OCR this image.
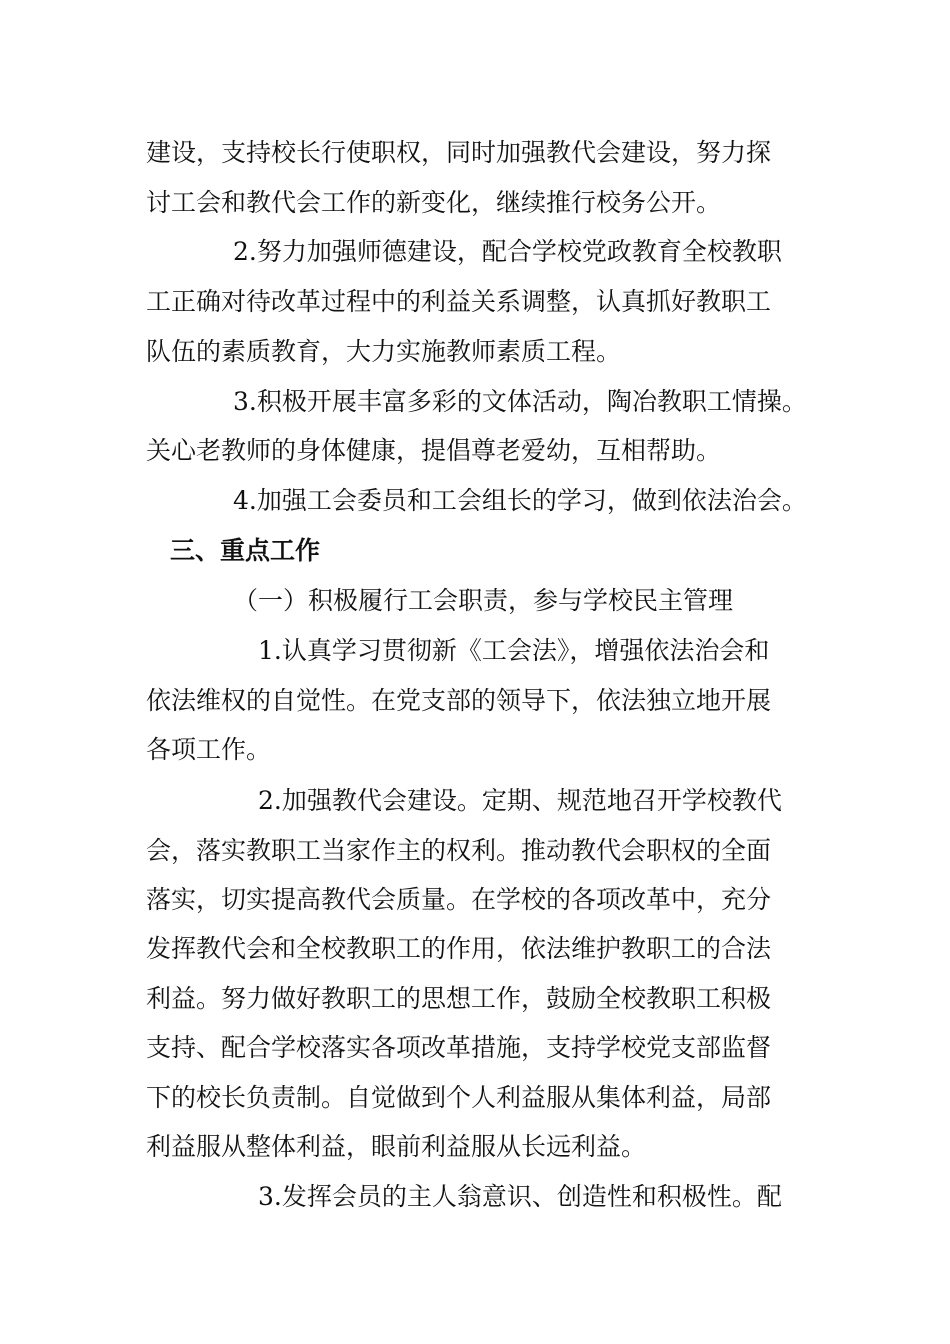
建设，支持校长行使职权，同时加强教代会建设，努力探
讨工会和教代会工作的新变化，继续推行校务公开。
2.努力加强师德建设，配合学校党政教育全校教职
工正确对待改革过程中的利益关系调整，认真抓好教职工
队伍的素质教育，大力实施教师素质工程。
3.积极开展丰富多彩的文体活动，陶冶教职工情操。
关心老教师的身体健康，提倡尊老爱幼，互相帮助。
4.加强工会委员和工会组长的学习，做到依法治会。
三、重点工作
（一）积极履行工会职责，参与学校民主管理
1.认真学习贯彻新《工会法》，增强依法治会和
依法维权的自觉性。在党支部的领导下，依法独立地开展
各项工作。
2.加强教代会建设。定期、规范地召开学校教代
会，落实教职工当家作主的权利。推动教代会职权的全面
落实，切实提高教代会质量。在学校的各项改革中，充分
发挥教代会和全校教职工的作用，依法维护教职工的合法
利益。努力做好教职工的思想工作，鼓励全校教职工积极
支持、配合学校落实各项改革措施，支持学校党支部监督
下的校长负责制。自觉做到个人利益服从集体利益，局部
利益服从整体利益，眼前利益服从长远利益。
3.发挥会员的主人翁意识、创造性和积极性。配
